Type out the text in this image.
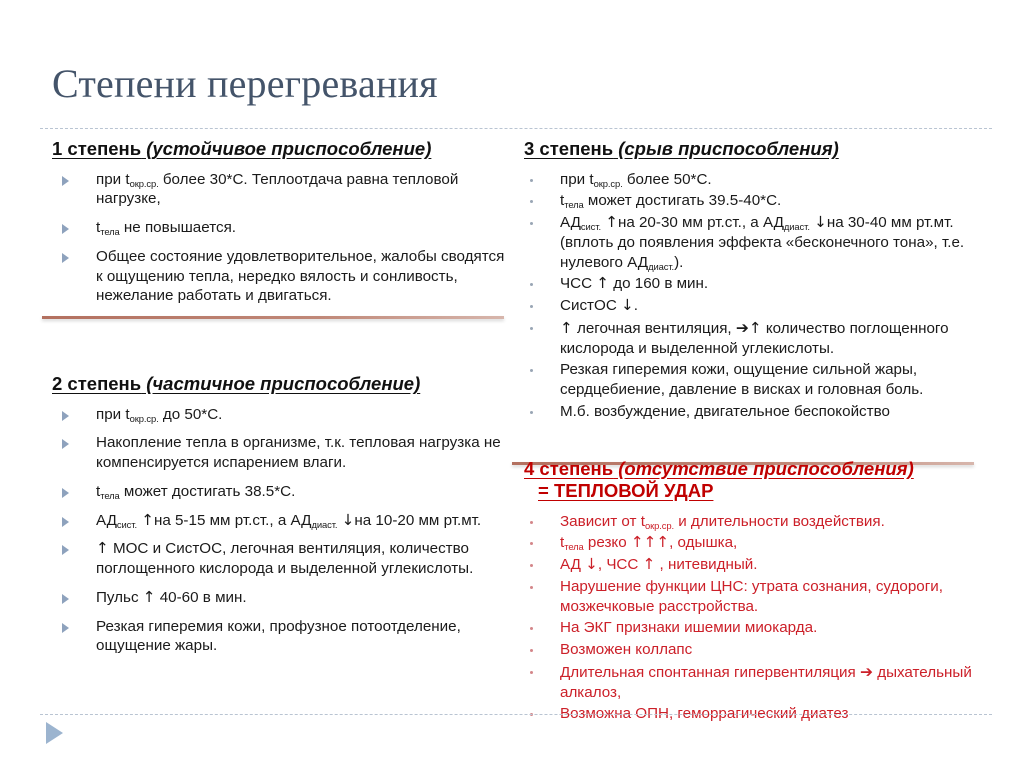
Степени перегревания
1 степень (устойчивое приспособление)
при $t_{окр.ср.}$ более 30*С. Теплоотдача равна тепловой нагрузке,
$t_{тела}$ не повышается.
Общее состояние удовлетворительное, жалобы сводятся к ощущению тепла, нередко вялость и сонливость, нежелание работать и двигаться.
2 степень (частичное приспособление)
при $t_{окр.ср.}$ до 50*С.
Накопление тепла в организме, т.к. тепловая нагрузка не компенсируется испарением влаги.
$t_{тела}$ может достигать 38.5*С.
$АД_{сист.}$ ↑на 5-15 мм рт.ст., а $АД_{диаст.}$ ↓на 10-20 мм рт.мт.
↑ МОС и СистОС, легочная вентиляция, количество поглощенного кислорода и выделенной углекислоты.
Пульс ↑ 40-60 в мин.
Резкая гиперемия кожи, профузное потоотделение, ощущение жары.
3 степень (срыв приспособления)
при $t_{окр.ср.}$ более 50*С.
$t_{тела}$ может достигать 39.5-40*С.
$АД_{сист.}$ ↑на 20-30 мм рт.ст., а $АД_{диаст.}$ ↓на 30-40 мм рт.мт. (вплоть до появления эффекта «бесконечного тона», т.е. нулевого $АД_{диаст.}$).
ЧСС ↑ до 160 в мин.
СистОС ↓.
↑ легочная вентиляция, ➔↑ количество поглощенного кислорода и выделенной углекислоты.
Резкая гиперемия кожи, ощущение сильной жары, сердцебиение, давление в висках и головная боль.
М.б. возбуждение, двигательное беспокойство
4 степень (отсутствие приспособления)
= ТЕПЛОВОЙ УДАР
Зависит от $t_{окр.ср.}$ и длительности воздействия.
$t_{тела}$ резко ↑↑↑, одышка,
АД ↓, ЧСС ↑ , нитевидный.
Нарушение функции ЦНС: утрата сознания, судороги, мозжечковые расстройства.
На ЭКГ признаки ишемии миокарда.
Возможен коллапс
Длительная спонтанная гипервентиляция ➔ дыхательный алкалоз,
Возможна ОПН, геморрагический диатез
